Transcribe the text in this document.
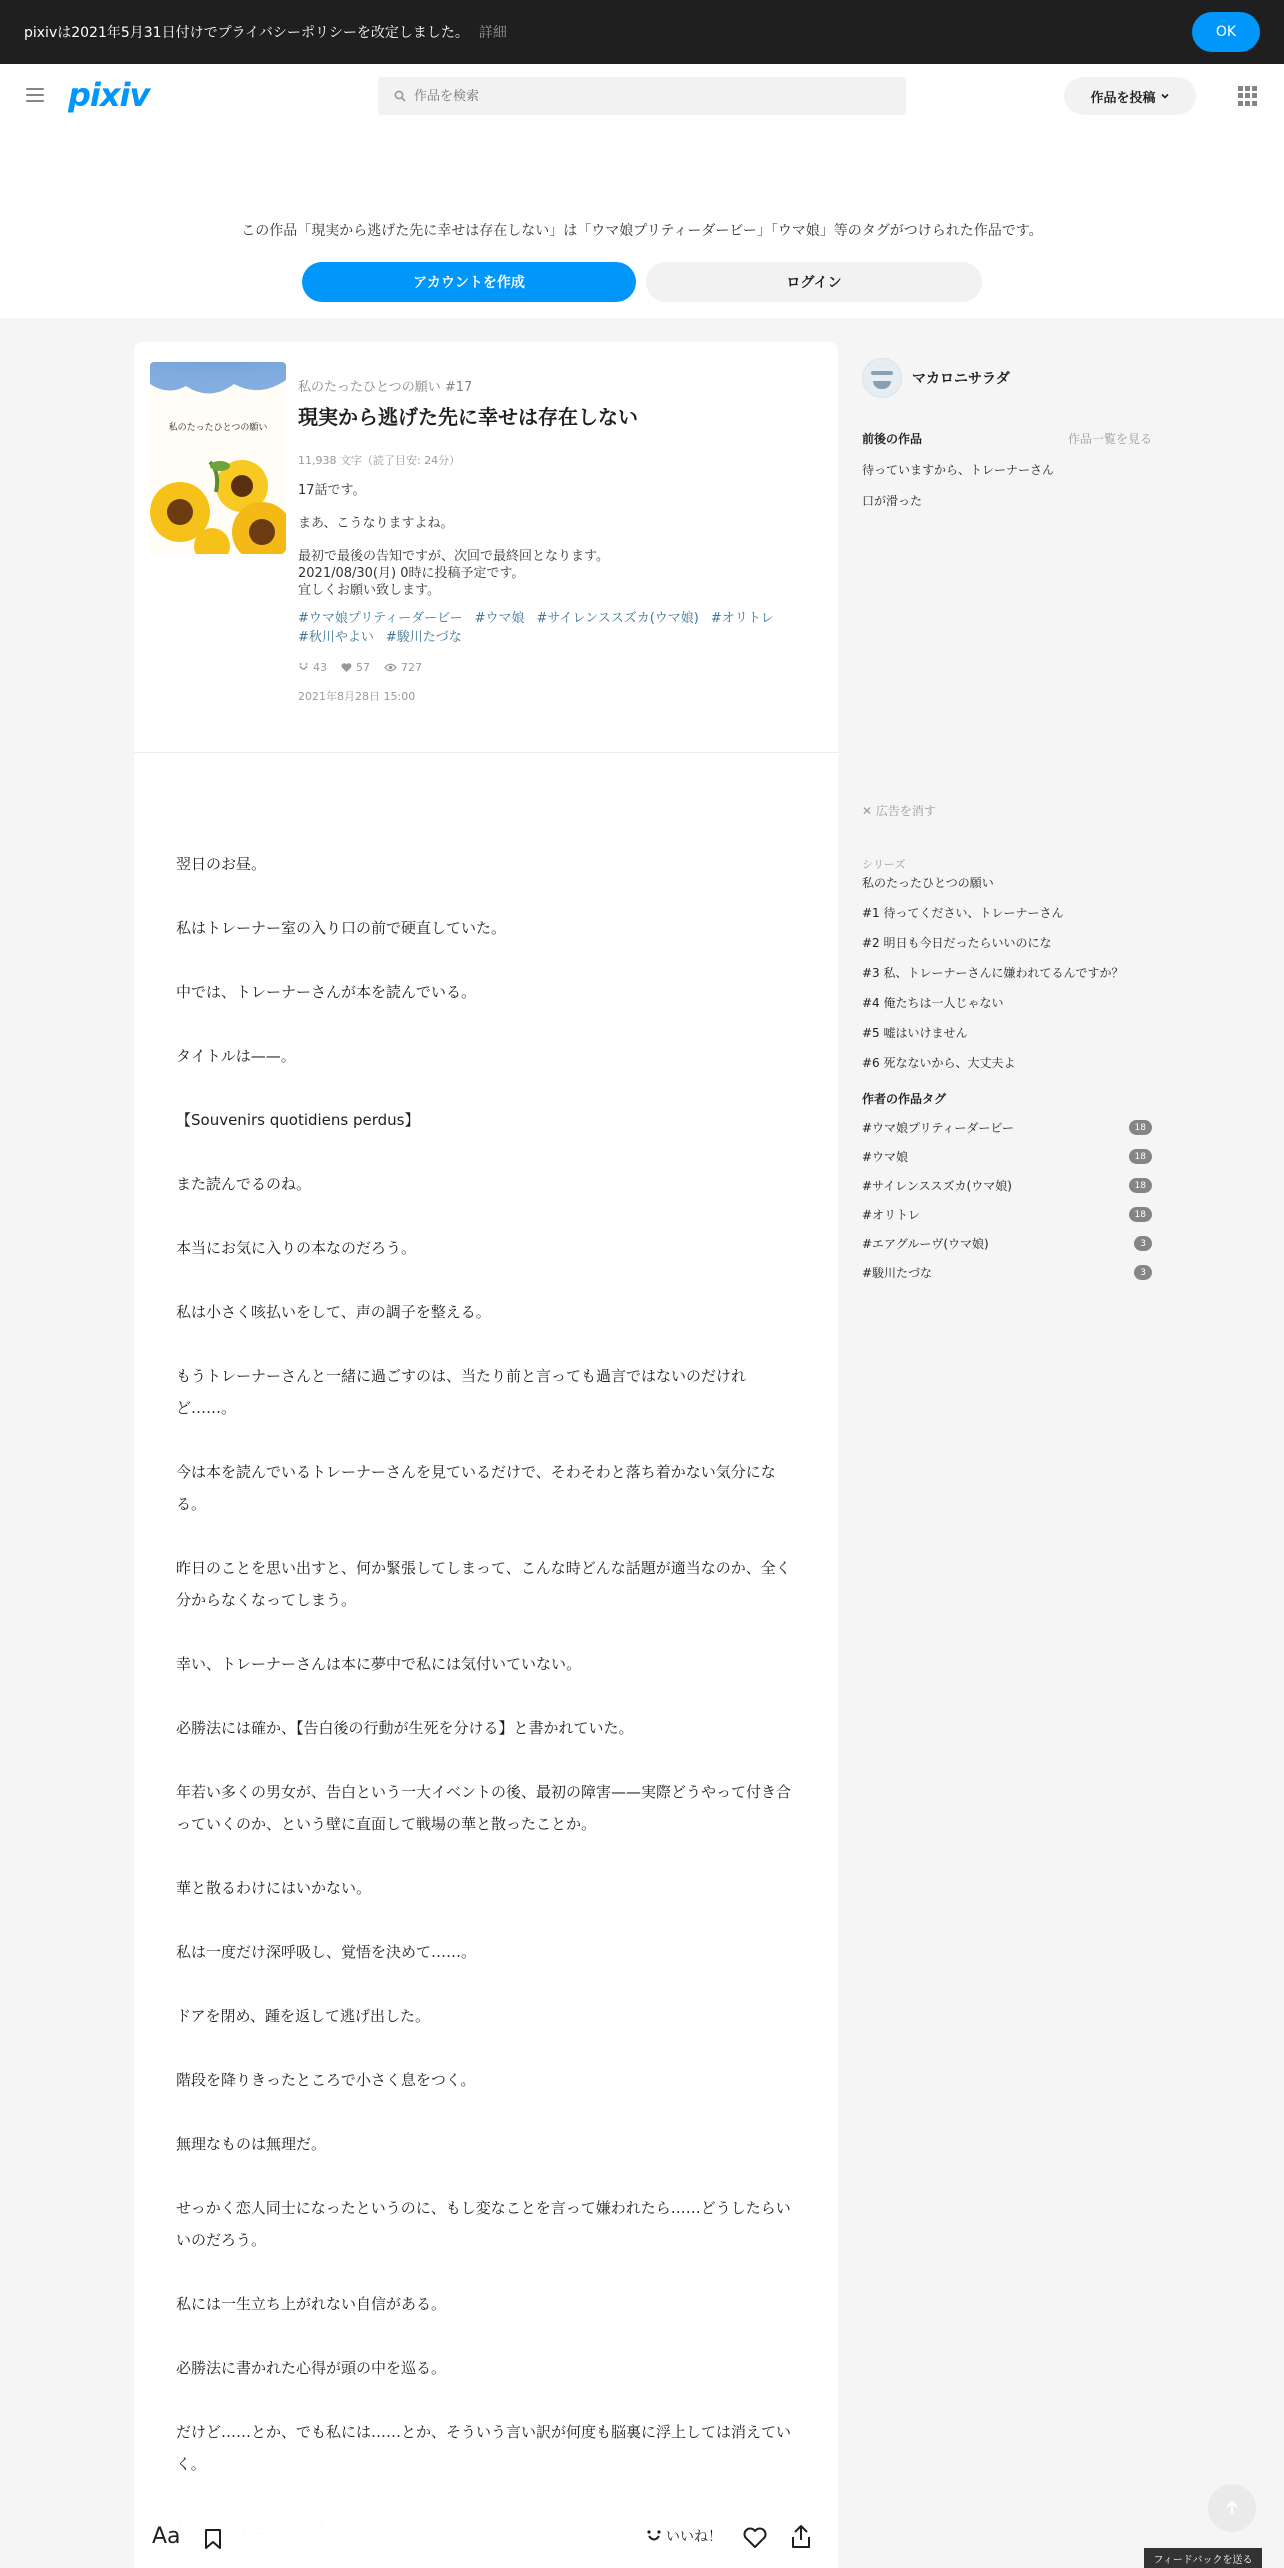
pixivは2021年5月31日付けでプライバシーポリシーを改定しました。 詳細	OK
pixiv
作品を検索	作品を投稿
この作品「現実から逃げた先に幸せは存在しない」は「ウマ娘プリティーダービー」「ウマ娘」等のタグがつけられた作品です。
アカウントを作成	ログイン
私のたったひとつの願い
私のたったひとつの願い #17
現実から逃げた先に幸せは存在しない
11,938 文字（読了目安: 24分）

17話です。

まあ、こうなりますよね。

最初で最後の告知ですが、次回で最終回となります。

2021/08/30(月) 0時に投稿予定です。

宜しくお願い致します。

#ウマ娘プリティーダービー #ウマ娘 #サイレンススズカ(ウマ娘) #オリトレ
#秋川やよい #駿川たづな
43	57	727
2021年8月28日 15:00

翌日のお昼。

私はトレーナー室の入り口の前で硬直していた。

中では、トレーナーさんが本を読んでいる。

タイトルは——。

【Souvenirs quotidiens perdus】

また読んでるのね。

本当にお気に入りの本なのだろう。

私は小さく咳払いをして、声の調子を整える。

もうトレーナーさんと一緒に過ごすのは、当たり前と言っても過言ではないのだけれど……。

今は本を読んでいるトレーナーさんを見ているだけで、そわそわと落ち着かない気分になる。

昨日のことを思い出すと、何か緊張してしまって、こんな時どんな話題が適当なのか、全く分からなくなってしまう。

幸い、トレーナーさんは本に夢中で私には気付いていない。

必勝法には確か、【告白後の行動が生死を分ける】と書かれていた。

年若い多くの男女が、告白という一大イベントの後、最初の障害——実際どうやって付き合っていくのか、という壁に直面して戦場の華と散ったことか。

華と散るわけにはいかない。

私は一度だけ深呼吸し、覚悟を決めて……。

ドアを閉め、踵を返して逃げ出した。

階段を降りきったところで小さく息をつく。

無理なものは無理だ。

せっかく恋人同士になったというのに、もし変なことを言って嫌われたら……どうしたらいいのだろう。

私には一生立ち上がれない自信がある。

必勝法に書かれた心得が頭の中を巡る。

だけど……とか、でも私には……とか、そういう言い訳が何度も脳裏に浮上しては消えていく。

マカロニサラダ
前後の作品	作品一覧を見る
待っていますから、トレーナーさん
口が滑った
✕ 広告を消す
シリーズ
私のたったひとつの願い
#1 待ってください、トレーナーさん
#2 明日も今日だったらいいのにな
#3 私、トレーナーさんに嫌われてるんですか？
#4 俺たちは一人じゃない
#5 嘘はいけません
#6 死なないから、大丈夫よ
作者の作品タグ
#ウマ娘プリティーダービー	18
#ウマ娘	18
#サイレンススズカ(ウマ娘)	18
#オリトレ	18
#エアグルーヴ(ウマ娘)	3
#駿川たづな	3
Aa	いいね！
フィードバックを送る
